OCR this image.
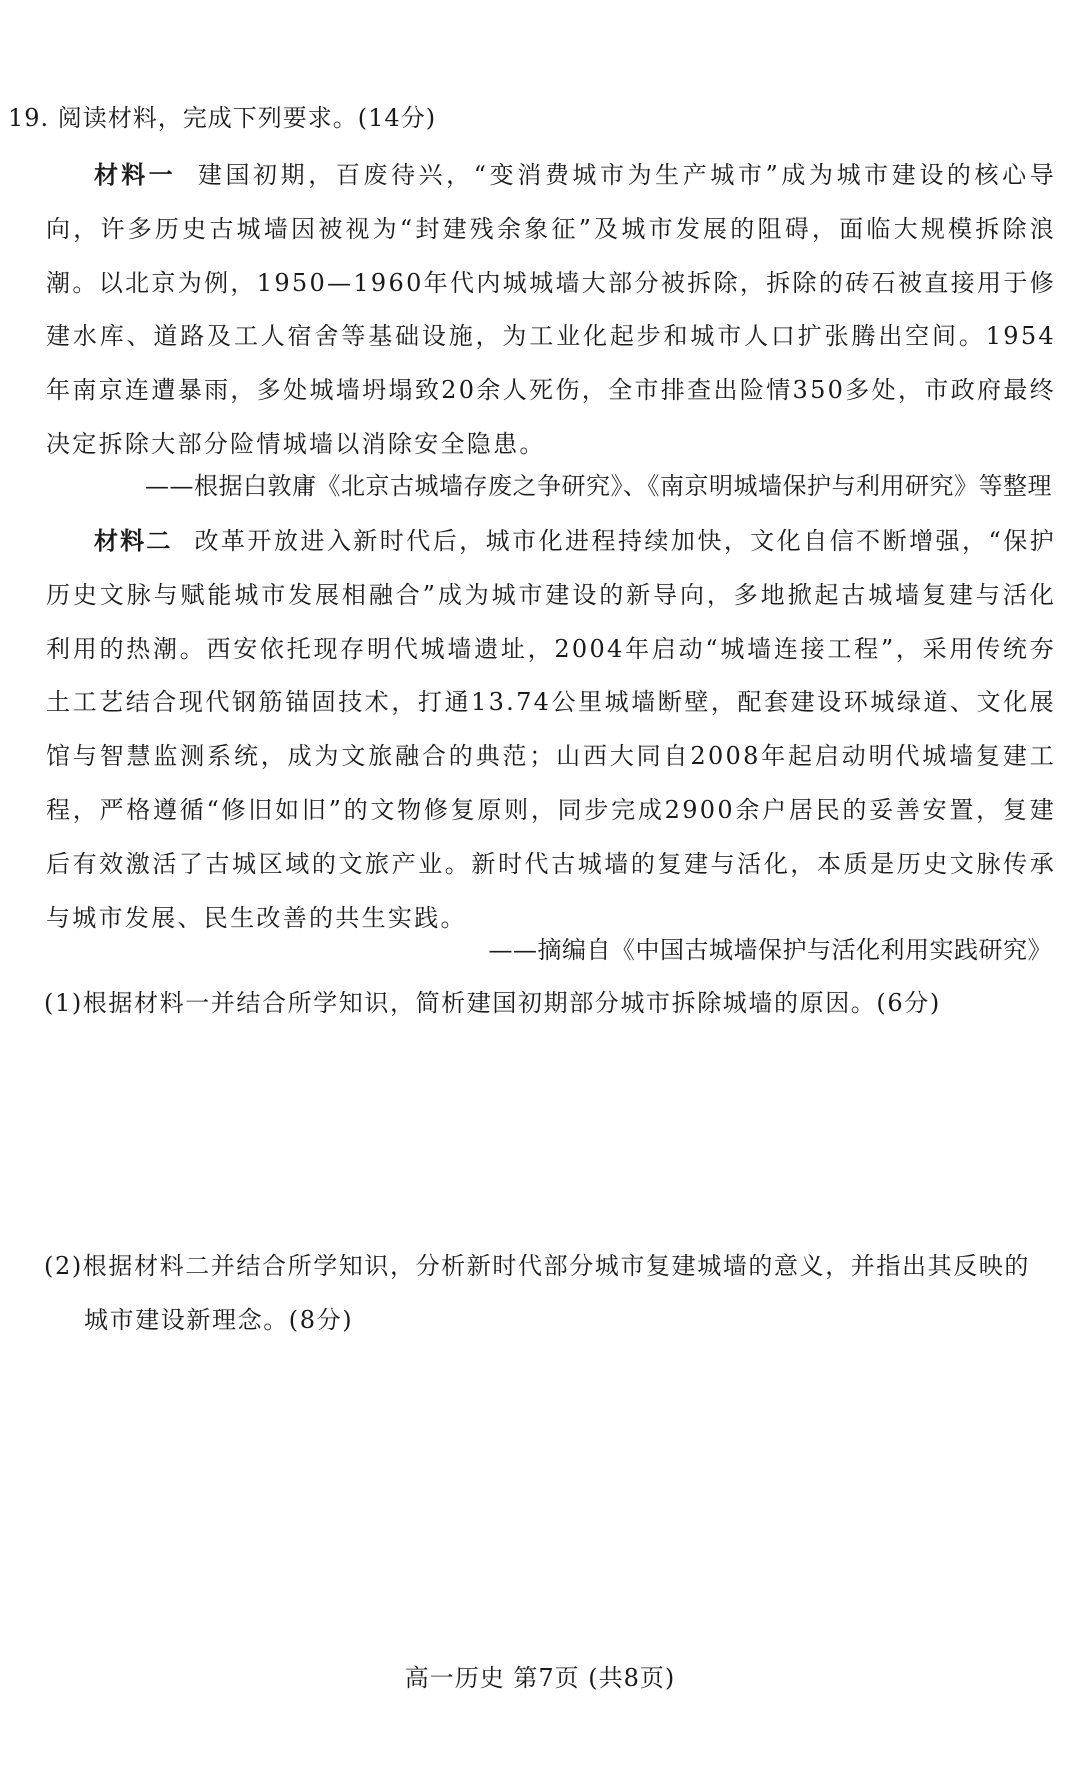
19. 阅读材料，完成下列要求。(14分)
材料一 建国初期，百废待兴，“变消费城市为生产城市”成为城市建设的核心导向，许多历史古城墙因被视为“封建残余象征”及城市发展的阻碍，面临大规模拆除浪潮。以北京为例，1950—1960年代内城城墙大部分被拆除，拆除的砖石被直接用于修建水库、道路及工人宿舍等基础设施，为工业化起步和城市人口扩张腾出空间。1954年南京连遭暴雨，多处城墙坍塌致20余人死伤，全市排查出险情350多处，市政府最终决定拆除大部分险情城墙以消除安全隐患。
——根据白敦庸《北京古城墙存废之争研究》、《南京明城墙保护与利用研究》等整理
材料二 改革开放进入新时代后，城市化进程持续加快，文化自信不断增强，“保护历史文脉与赋能城市发展相融合”成为城市建设的新导向，多地掀起古城墙复建与活化利用的热潮。西安依托现存明代城墙遗址，2004年启动“城墙连接工程”，采用传统夯土工艺结合现代钢筋锚固技术，打通13.74公里城墙断壁，配套建设环城绿道、文化展馆与智慧监测系统，成为文旅融合的典范；山西大同自2008年起启动明代城墙复建工程，严格遵循“修旧如旧”的文物修复原则，同步完成2900余户居民的妥善安置，复建后有效激活了古城区域的文旅产业。新时代古城墙的复建与活化，本质是历史文脉传承与城市发展、民生改善的共生实践。
——摘编自《中国古城墙保护与活化利用实践研究》
(1)根据材料一并结合所学知识，简析建国初期部分城市拆除城墙的原因。(6分)
(2)根据材料二并结合所学知识，分析新时代部分城市复建城墙的意义，并指出其反映的
城市建设新理念。(8分)
高一历史 第7页 (共8页)
